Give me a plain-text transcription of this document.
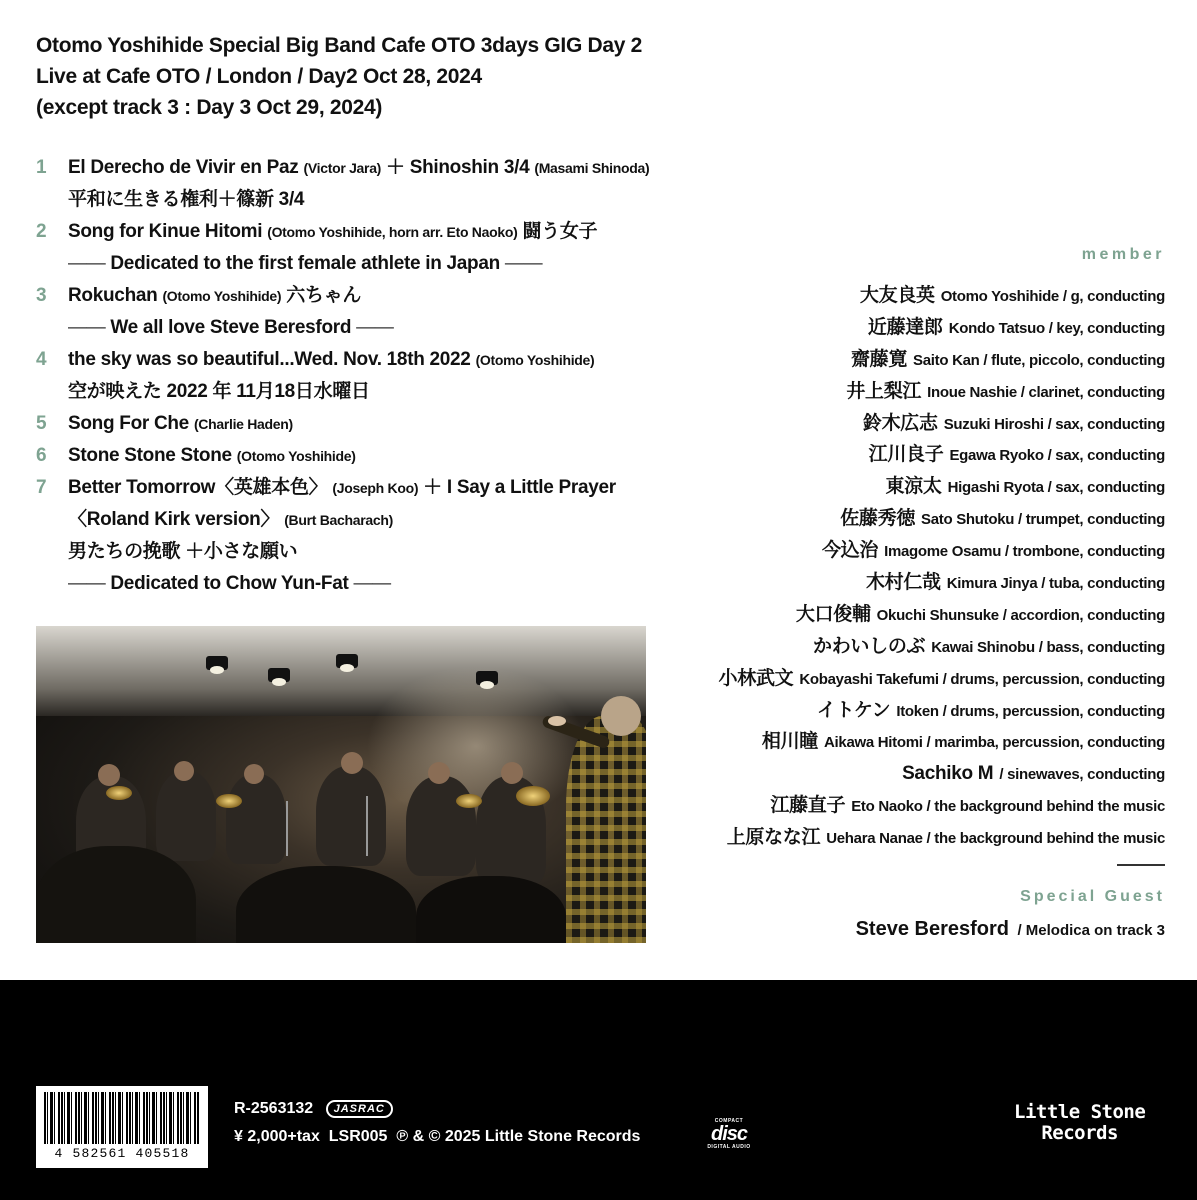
Otomo Yoshihide Special Big Band Cafe OTO 3days GIG Day 2
Live at Cafe OTO / London / Day2 Oct 28, 2024
(except track 3 : Day 3 Oct 29, 2024)
1	El Derecho de Vivir en Paz (Victor Jara) ＋ Shinoshin 3/4 (Masami Shinoda)
平和に生きる権利＋篠新 3/4
2	Song for Kinue Hitomi (Otomo Yoshihide, horn arr. Eto Naoko) 闘う女子
—— Dedicated to the first female athlete in Japan ——
3	Rokuchan (Otomo Yoshihide) 六ちゃん
—— We all love Steve Beresford ——
4	the sky was so beautiful...Wed. Nov. 18th 2022 (Otomo Yoshihide)
空が映えた 2022 年 11月18日水曜日
5	Song For Che (Charlie Haden)
6	Stone Stone Stone (Otomo Yoshihide)
7	Better Tomorrow〈英雄本色〉 (Joseph Koo) ＋ I Say a Little Prayer
〈Roland Kirk version〉 (Burt Bacharach)
男たちの挽歌 ＋小さな願い
—— Dedicated to Chow Yun-Fat ——
member
大友良英 Otomo Yoshihide / g, conducting
近藤達郎 Kondo Tatsuo / key, conducting
齋藤寛 Saito Kan / flute, piccolo, conducting
井上梨江 Inoue Nashie / clarinet, conducting
鈴木広志 Suzuki Hiroshi / sax, conducting
江川良子 Egawa Ryoko / sax, conducting
東涼太 Higashi Ryota / sax, conducting
佐藤秀徳 Sato Shutoku / trumpet, conducting
今込治 Imagome Osamu / trombone, conducting
木村仁哉 Kimura Jinya / tuba, conducting
大口俊輔 Okuchi Shunsuke / accordion, conducting
かわいしのぶ Kawai Shinobu / bass, conducting
小林武文 Kobayashi Takefumi / drums, percussion, conducting
イトケン Itoken / drums, percussion, conducting
相川瞳 Aikawa Hitomi / marimba, percussion, conducting
Sachiko M / sinewaves, conducting
江藤直子 Eto Naoko / the background behind the music
上原なな江 Uehara Nanae / the background behind the music
Special Guest
Steve Beresford / Melodica on track 3
4 582561 405518
R-2563132 JASRAC
¥ 2,000+tax LSR005 ℗ & © 2025 Little Stone Records
COMPACT
disc
DIGITAL AUDIO
Little Stone
Records
